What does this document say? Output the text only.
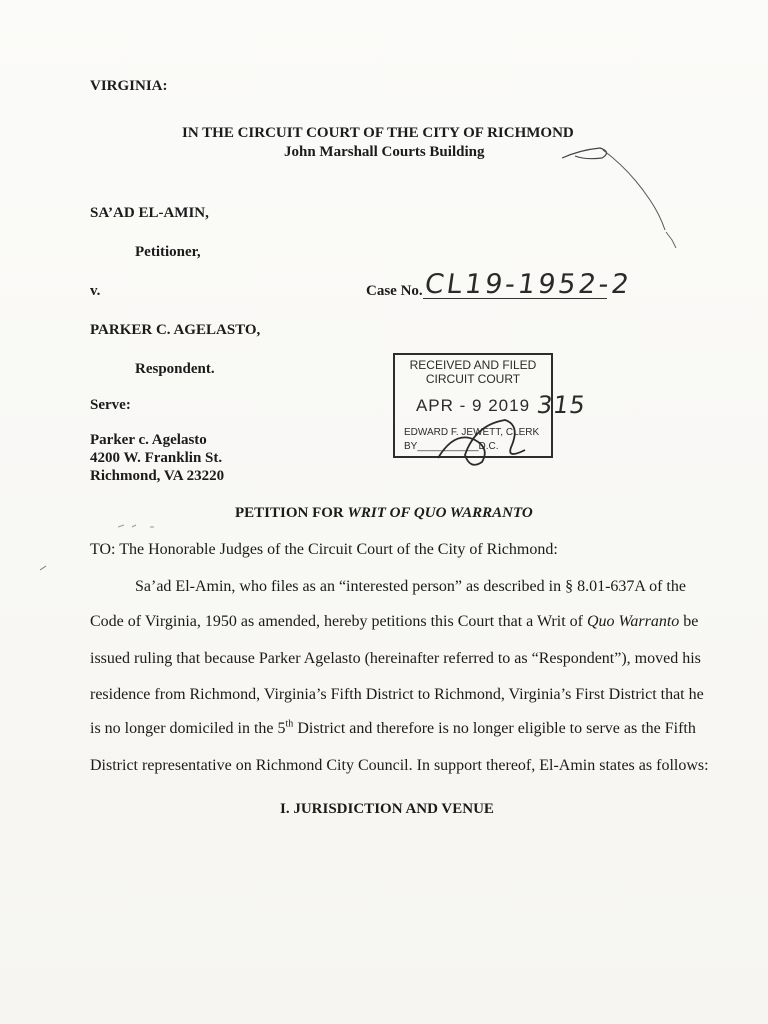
VIRGINIA:
IN THE CIRCUIT COURT OF THE CITY OF RICHMOND
John Marshall Courts Building
SA’AD EL-AMIN,
Petitioner,
v.	Case No. CL19-1952-2
PARKER C. AGELASTO,
Respondent.
Serve:
Parker c. Agelasto
4200 W. Franklin St.
Richmond, VA 23220
RECEIVED AND FILED
CIRCUIT COURT
APR - 9 2019
EDWARD F. JEWETT, CLERK
BY___________D.C.
315
PETITION FOR WRIT OF QUO WARRANTO
TO: The Honorable Judges of the Circuit Court of the City of Richmond:
Sa’ad El-Amin, who files as an “interested person” as described in § 8.01-637A of the
Code of Virginia, 1950 as amended, hereby petitions this Court that a Writ of Quo Warranto be
issued ruling that because Parker Agelasto (hereinafter referred to as “Respondent”), moved his
residence from Richmond, Virginia’s Fifth District to Richmond, Virginia’s First District that he
is no longer domiciled in the 5th District and therefore is no longer eligible to serve as the Fifth
District representative on Richmond City Council. In support thereof, El-Amin states as follows:
I. JURISDICTION AND VENUE
